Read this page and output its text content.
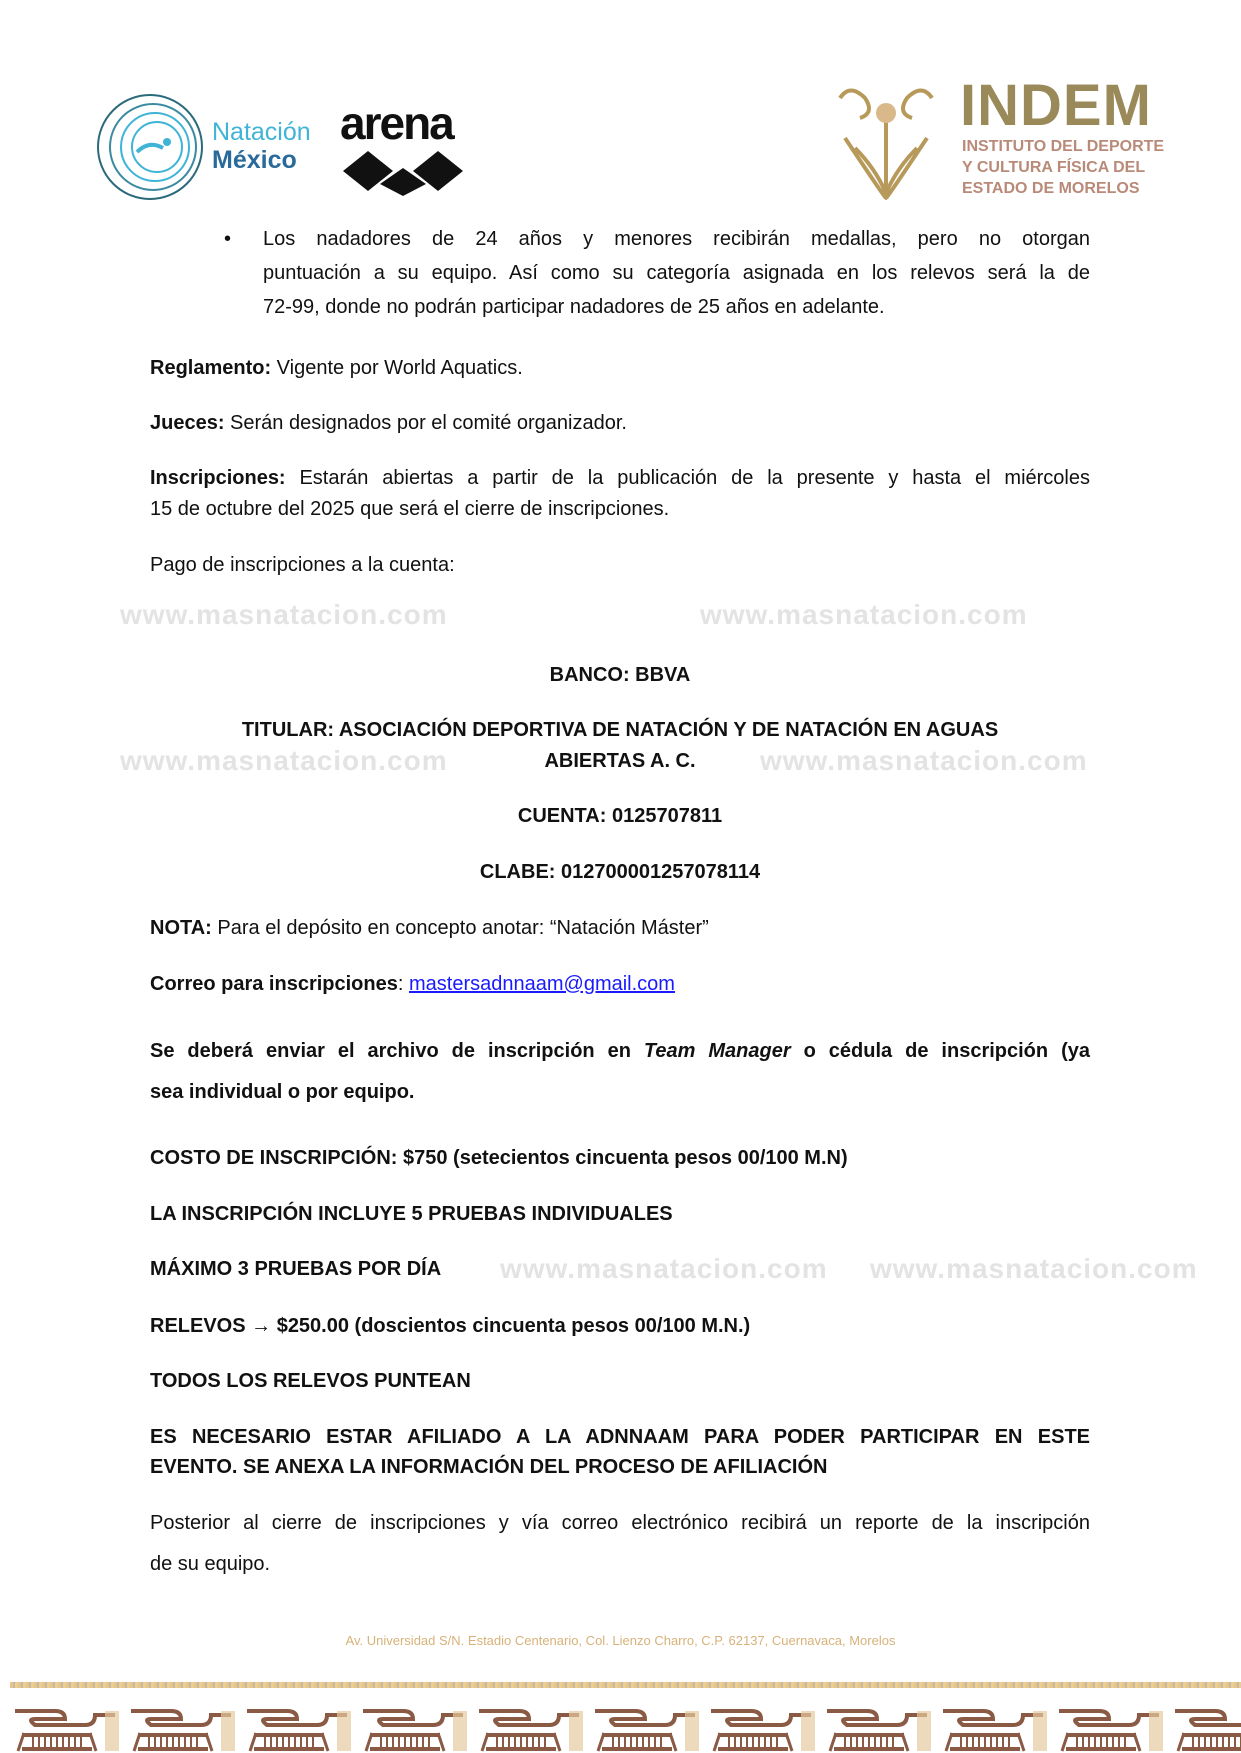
Natación
México
arena	INDEM
INSTITUTO DEL DEPORTE
Y CULTURA FÍSICA DEL
ESTADO DE MORELOS
www.masnatacion.com	www.masnatacion.com
www.masnatacion.com	www.masnatacion.com
www.masnatacion.com www.masnatacion.com
• Los nadadores de 24 años y menores recibirán medallas, pero no otorgan
puntuación a su equipo. Así como su categoría asignada en los relevos será la de
72-99, donde no podrán participar nadadores de 25 años en adelante.
Reglamento: Vigente por World Aquatics.
Jueces: Serán designados por el comité organizador.
Inscripciones: Estarán abiertas a partir de la publicación de la presente y hasta el miércoles
15 de octubre del 2025 que será el cierre de inscripciones.
Pago de inscripciones a la cuenta:
BANCO: BBVA
TITULAR: ASOCIACIÓN DEPORTIVA DE NATACIÓN Y DE NATACIÓN EN AGUAS
ABIERTAS A. C.
CUENTA: 0125707811
CLABE: 012700001257078114
NOTA: Para el depósito en concepto anotar: “Natación Máster”
Correo para inscripciones: mastersadnnaam@gmail.com
Se deberá enviar el archivo de inscripción en Team Manager o cédula de inscripción (ya
sea individual o por equipo.
COSTO DE INSCRIPCIÓN: $750 (setecientos cincuenta pesos 00/100 M.N)
LA INSCRIPCIÓN INCLUYE 5 PRUEBAS INDIVIDUALES
MÁXIMO 3 PRUEBAS POR DÍA
RELEVOS → $250.00 (doscientos cincuenta pesos 00/100 M.N.)
TODOS LOS RELEVOS PUNTEAN
ES NECESARIO ESTAR AFILIADO A LA ADNNAAM PARA PODER PARTICIPAR EN ESTE
EVENTO. SE ANEXA LA INFORMACIÓN DEL PROCESO DE AFILIACIÓN
Posterior al cierre de inscripciones y vía correo electrónico recibirá un reporte de la inscripción
de su equipo.
Av. Universidad S/N. Estadio Centenario, Col. Lienzo Charro, C.P. 62137, Cuernavaca, Morelos
